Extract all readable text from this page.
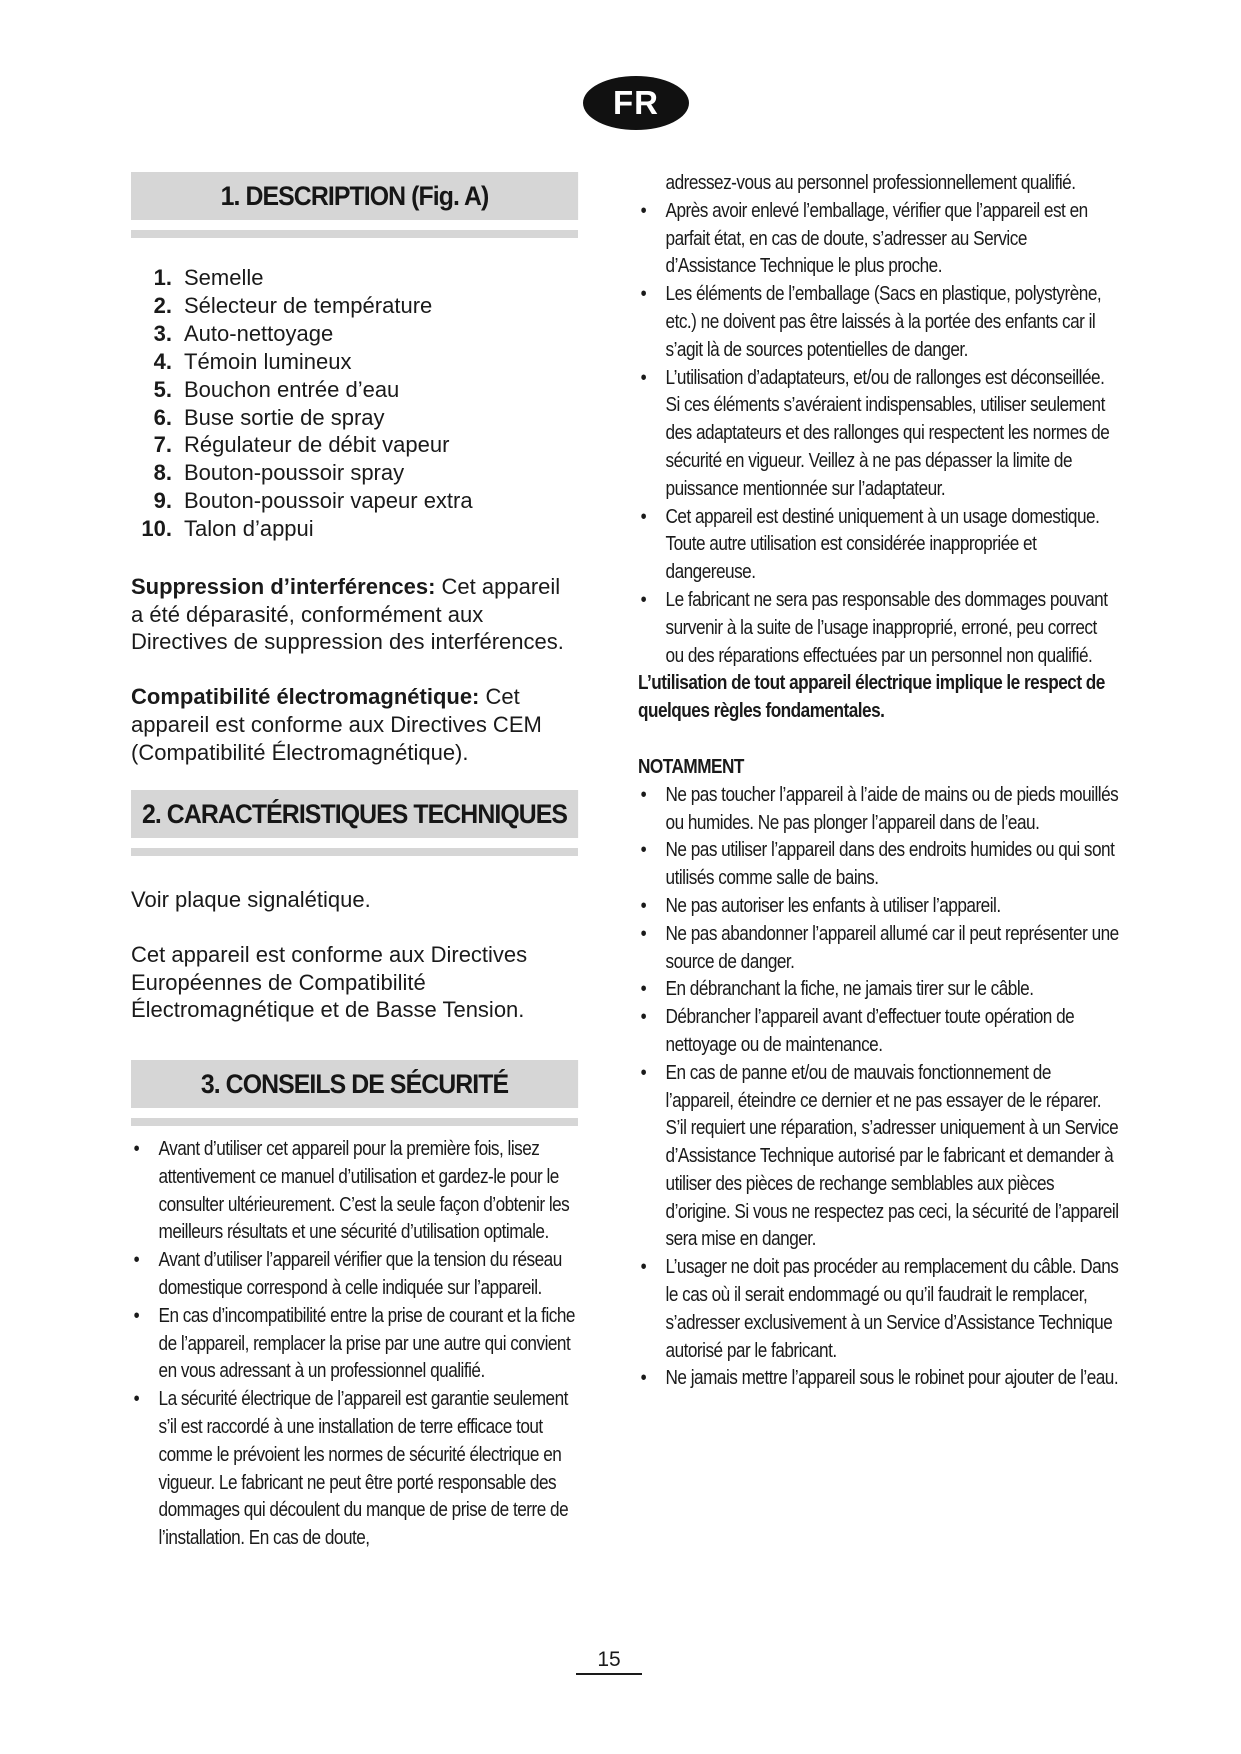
FR
1. DESCRIPTION (Fig. A)
1. Semelle
2. Sélecteur de température
3. Auto-nettoyage
4. Témoin lumineux
5. Bouchon entrée d’eau
6. Buse sortie de spray
7. Régulateur de débit vapeur
8. Bouton-poussoir spray
9. Bouton-poussoir vapeur extra
10. Talon d’appui

Suppression d’interférences: Cet appareil a été déparasité, conformément aux Directives de suppression des interférences.

Compatibilité électromagnétique: Cet appareil est conforme aux Directives CEM (Compatibilité Électromagnétique).

2. CARACTÉRISTIQUES TECHNIQUES

Voir plaque signalétique.

Cet appareil est conforme aux Directives Européennes de Compatibilité Électromagnétique et de Basse Tension.

3. CONSEILS DE SÉCURITÉ

• Avant d’utiliser cet appareil pour la première fois, lisez attentivement ce manuel d’utilisation et gardez-le pour le consulter ultérieurement. C’est la seule façon d’obtenir les meilleurs résultats et une sécurité d’utilisation optimale.

• Avant d’utiliser l’appareil vérifier que la tension du réseau domestique correspond à celle indiquée sur l’appareil.

• En cas d’incompatibilité entre la prise de courant et la fiche de l’appareil, remplacer la prise par une autre qui convient en vous adressant à un professionnel qualifié.

• La sécurité électrique de l’appareil est garantie seulement s’il est raccordé à une installation de terre efficace tout comme le prévoient les normes de sécurité électrique en vigueur. Le fabricant ne peut être porté responsable des dommages qui découlent du manque de prise de terre de l’installation. En cas de doute,

adressez-vous au personnel professionnellement qualifié.

• Après avoir enlevé l’emballage, vérifier que l’appareil est en parfait état, en cas de doute, s’adresser au Service d’Assistance Technique le plus proche.

• Les éléments de l’emballage (Sacs en plastique, polystyrène, etc.) ne doivent pas être laissés à la portée des enfants car il s’agit là de sources potentielles de danger.

• L’utilisation d’adaptateurs, et/ou de rallonges est déconseillée. Si ces éléments s’avéraient indispensables, utiliser seulement des adaptateurs et des rallonges qui respectent les normes de sécurité en vigueur. Veillez à ne pas dépasser la limite de puissance mentionnée sur l’adaptateur.

• Cet appareil est destiné uniquement à un usage domestique. Toute autre utilisation est considérée inappropriée et dangereuse.

• Le fabricant ne sera pas responsable des dommages pouvant survenir à la suite de l’usage inapproprié, erroné, peu correct ou des réparations effectuées par un personnel non qualifié.

L’utilisation de tout appareil électrique implique le respect de quelques règles fondamentales.

NOTAMMENT

• Ne pas toucher l’appareil à l’aide de mains ou de pieds mouillés ou humides. Ne pas plonger l’appareil dans de l’eau.

• Ne pas utiliser l’appareil dans des endroits humides ou qui sont utilisés comme salle de bains.

• Ne pas autoriser les enfants à utiliser l’appareil.

• Ne pas abandonner l’appareil allumé car il peut représenter une source de danger.

• En débranchant la fiche, ne jamais tirer sur le câble.

• Débrancher l’appareil avant d’effectuer toute opération de nettoyage ou de maintenance.

• En cas de panne et/ou de mauvais fonctionnement de l’appareil, éteindre ce dernier et ne pas essayer de le réparer. S’il requiert une réparation, s’adresser uniquement à un Service d’Assistance Technique autorisé par le fabricant et demander à utiliser des pièces de rechange semblables aux pièces d’origine. Si vous ne respectez pas ceci, la sécurité de l’appareil sera mise en danger.

• L’usager ne doit pas procéder au remplacement du câble. Dans le cas où il serait endommagé ou qu’il faudrait le remplacer, s’adresser exclusivement à un Service d’Assistance Technique autorisé par le fabricant.

• Ne jamais mettre l’appareil sous le robinet pour ajouter de l’eau.

15
